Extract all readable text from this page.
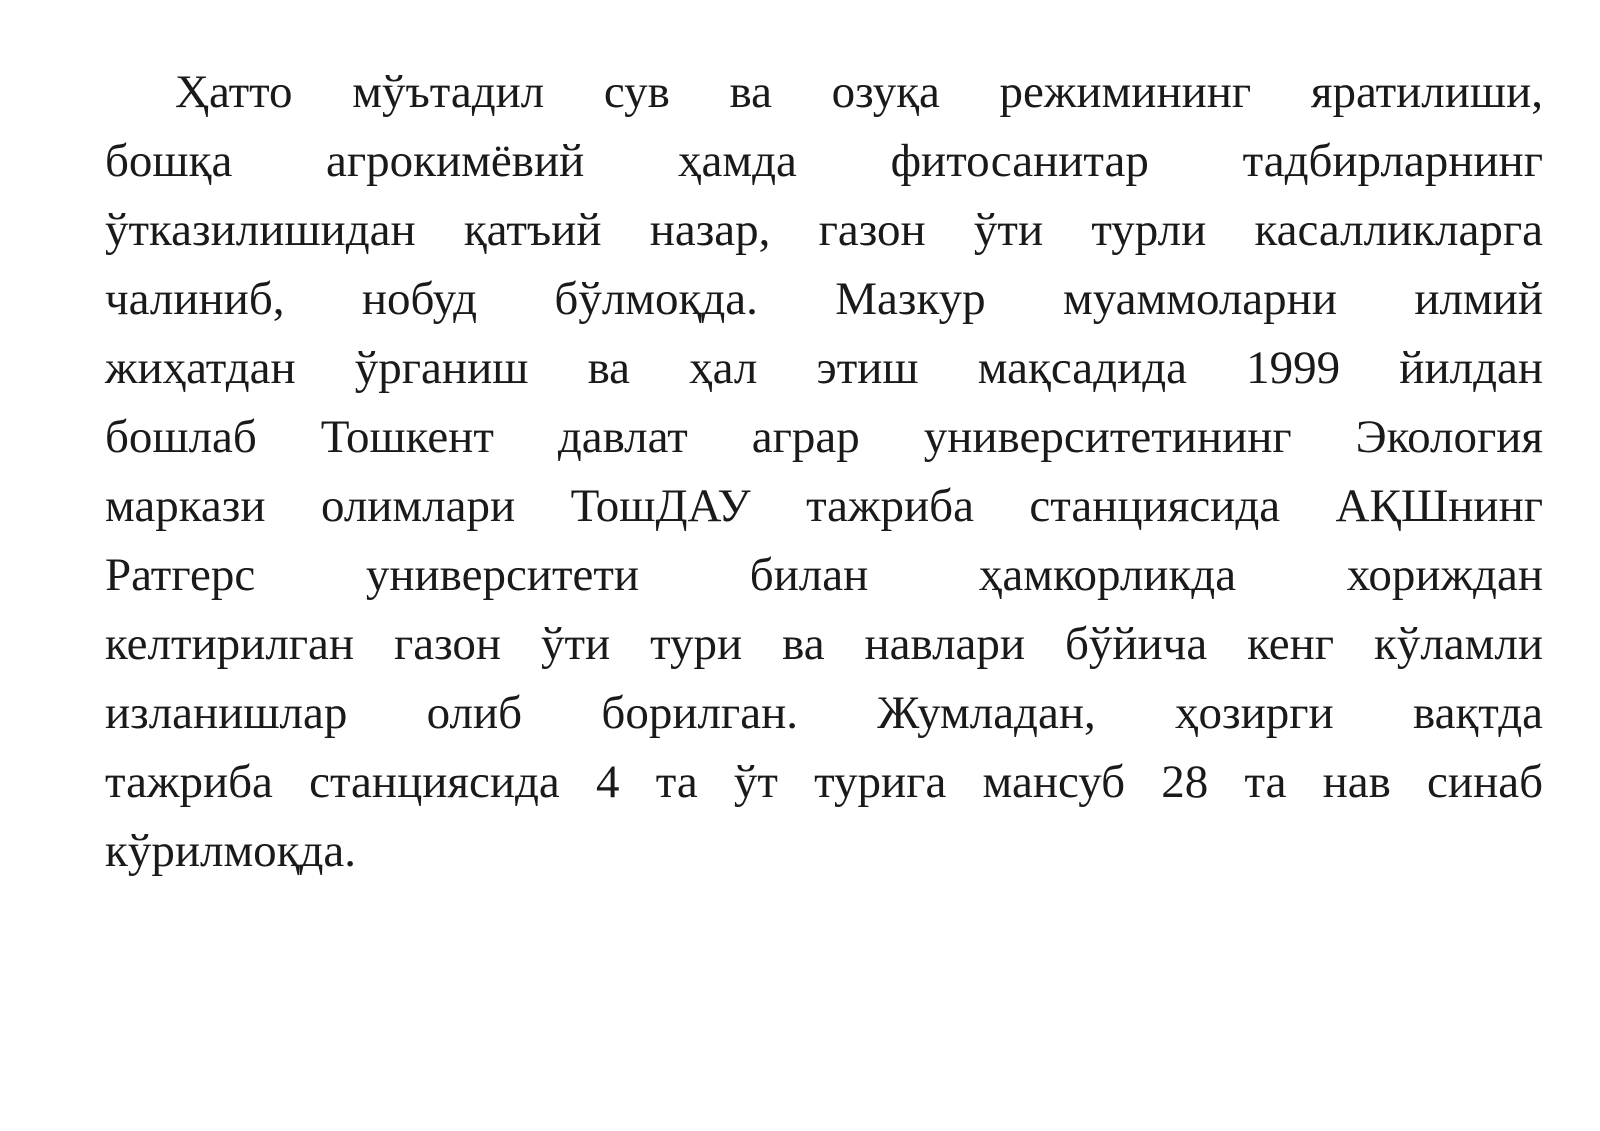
Ҳатто мўътадил сув ва озуқа режимининг яратилиши,
бошқа агрокимёвий ҳамда фитосанитар тадбирларнинг
ўтказилишидан қатъий назар, газон ўти турли касалликларга
чалиниб, нобуд бўлмоқда. Мазкур муаммоларни илмий
жиҳатдан ўрганиш ва ҳал этиш мақсадида 1999 йилдан
бошлаб Тошкент давлат аграр университетининг Экология
маркази олимлари ТошДАУ тажриба станциясида АҚШнинг
Ратгерс университети билан ҳамкорликда хориждан
келтирилган газон ўти тури ва навлари бўйича кенг кўламли
изланишлар олиб борилган. Жумладан, ҳозирги вақтда
тажриба станциясида 4 та ўт турига мансуб 28 та нав синаб
кўрилмоқда.
